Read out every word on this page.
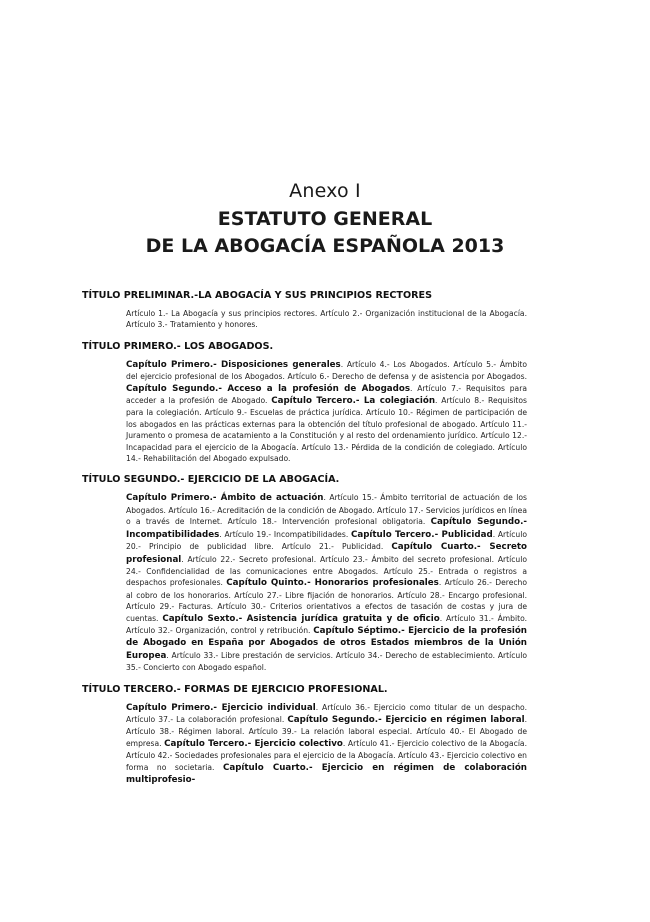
Anexo I
ESTATUTO GENERAL
DE LA ABOGACÍA ESPAÑOLA 2013
TÍTULO PRELIMINAR.-LA ABOGACÍA Y SUS PRINCIPIOS RECTORES
Artículo 1.- La Abogacía y sus principios rectores. Artículo 2.- Organización institucional de la Abogacía. Artículo 3.- Tratamiento y honores.
TÍTULO PRIMERO.- LOS ABOGADOS.
Capítulo Primero.- Disposiciones generales. Artículo 4.- Los Abogados. Artículo 5.- Ámbito del ejercicio profesional de los Abogados. Artículo 6.- Derecho de defensa y de asistencia por Abogados. Capítulo Segundo.- Acceso a la profesión de Abogados. Artículo 7.- Requisitos para acceder a la profesión de Abogado. Capítulo Tercero.- La colegiación. Artículo 8.- Requisitos para la colegiación. Artículo 9.- Escuelas de práctica jurídica. Artículo 10.- Régimen de participación de los abogados en las prácticas externas para la obtención del título profesional de abogado. Artículo 11.- Juramento o promesa de acatamiento a la Constitución y al resto del ordenamiento jurídico. Artículo 12.- Incapacidad para el ejercicio de la Abogacía. Artículo 13.- Pérdida de la condición de colegiado. Artículo 14.- Rehabilitación del Abogado expulsado.
TÍTULO SEGUNDO.- EJERCICIO DE LA ABOGACÍA.
Capítulo Primero.- Ámbito de actuación. Artículo 15.- Ámbito territorial de actuación de los Abogados. Artículo 16.- Acreditación de la condición de Abogado. Artículo 17.- Servicios jurídicos en línea o a través de Internet. Artículo 18.- Intervención profesional obligatoria. Capítulo Segundo.- Incompatibilidades. Artículo 19.- Incompatibilidades. Capítulo Tercero.- Publicidad. Artículo 20.- Principio de publicidad libre. Artículo 21.- Publicidad. Capítulo Cuarto.- Secreto profesional. Artículo 22.- Secreto profesional. Artículo 23.- Ámbito del secreto profesional. Artículo 24.- Confidencialidad de las comunicaciones entre Abogados. Artículo 25.- Entrada o registros a despachos profesionales. Capítulo Quinto.- Honorarios profesionales. Artículo 26.- Derecho al cobro de los honorarios. Artículo 27.- Libre fijación de honorarios. Artículo 28.- Encargo profesional. Artículo 29.- Facturas. Artículo 30.- Criterios orientativos a efectos de tasación de costas y jura de cuentas. Capítulo Sexto.- Asistencia jurídica gratuita y de oficio. Artículo 31.- Ámbito. Artículo 32.- Organización, control y retribución. Capítulo Séptimo.- Ejercicio de la profesión de Abogado en España por Abogados de otros Estados miembros de la Unión Europea. Artículo 33.- Libre prestación de servicios. Artículo 34.- Derecho de establecimiento. Artículo 35.- Concierto con Abogado español.
TÍTULO TERCERO.- FORMAS DE EJERCICIO PROFESIONAL.
Capítulo Primero.- Ejercicio individual. Artículo 36.- Ejercicio como titular de un despacho. Artículo 37.- La colaboración profesional. Capítulo Segundo.- Ejercicio en régimen laboral. Artículo 38.- Régimen laboral. Artículo 39.- La relación laboral especial. Artículo 40.- El Abogado de empresa. Capítulo Tercero.- Ejercicio colectivo. Artículo 41.- Ejercicio colectivo de la Abogacía. Artículo 42.- Sociedades profesionales para el ejercicio de la Abogacía. Artículo 43.- Ejercicio colectivo en forma no societaria. Capítulo Cuarto.- Ejercicio en régimen de colaboración multiprofesio-
